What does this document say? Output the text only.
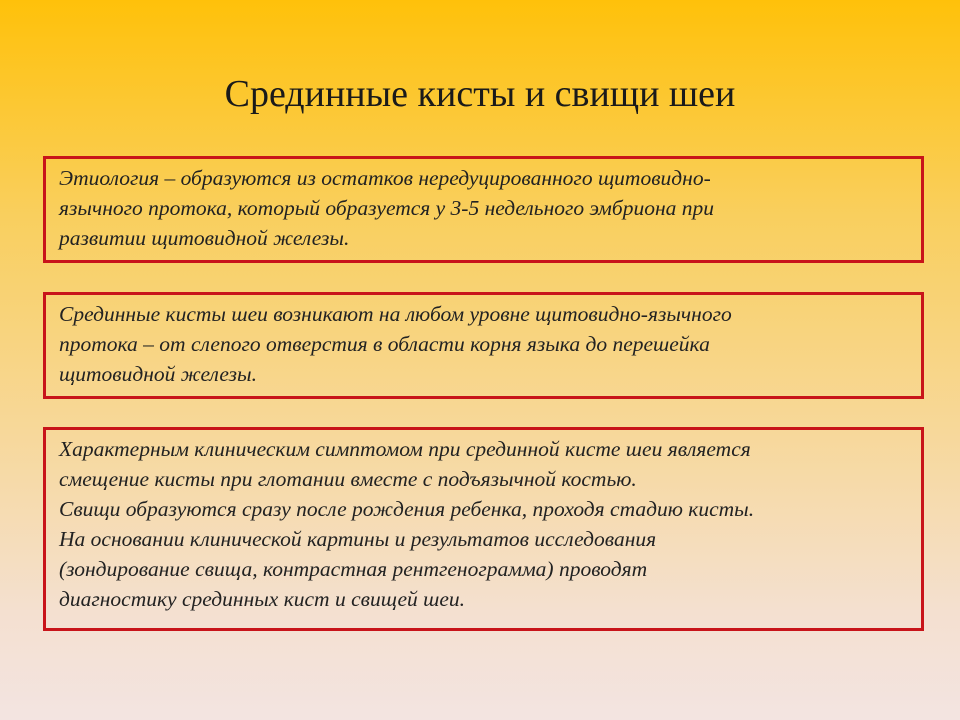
Срединные кисты и свищи шеи
Этиология – образуются из остатков нередуцированного щитовидно-
язычного протока, который образуется у 3-5 недельного эмбриона при
развитии щитовидной железы.
Срединные кисты шеи возникают на любом уровне щитовидно-язычного
протока – от слепого отверстия в области корня языка до перешейка
щитовидной железы.
Характерным клиническим симптомом при срединной кисте шеи является
смещение кисты при глотании вместе с подъязычной костью.
Свищи образуются сразу после рождения ребенка, проходя стадию кисты.
На основании клинической картины и результатов исследования
(зондирование свища, контрастная рентгенограмма) проводят
диагностику срединных кист и свищей шеи.
